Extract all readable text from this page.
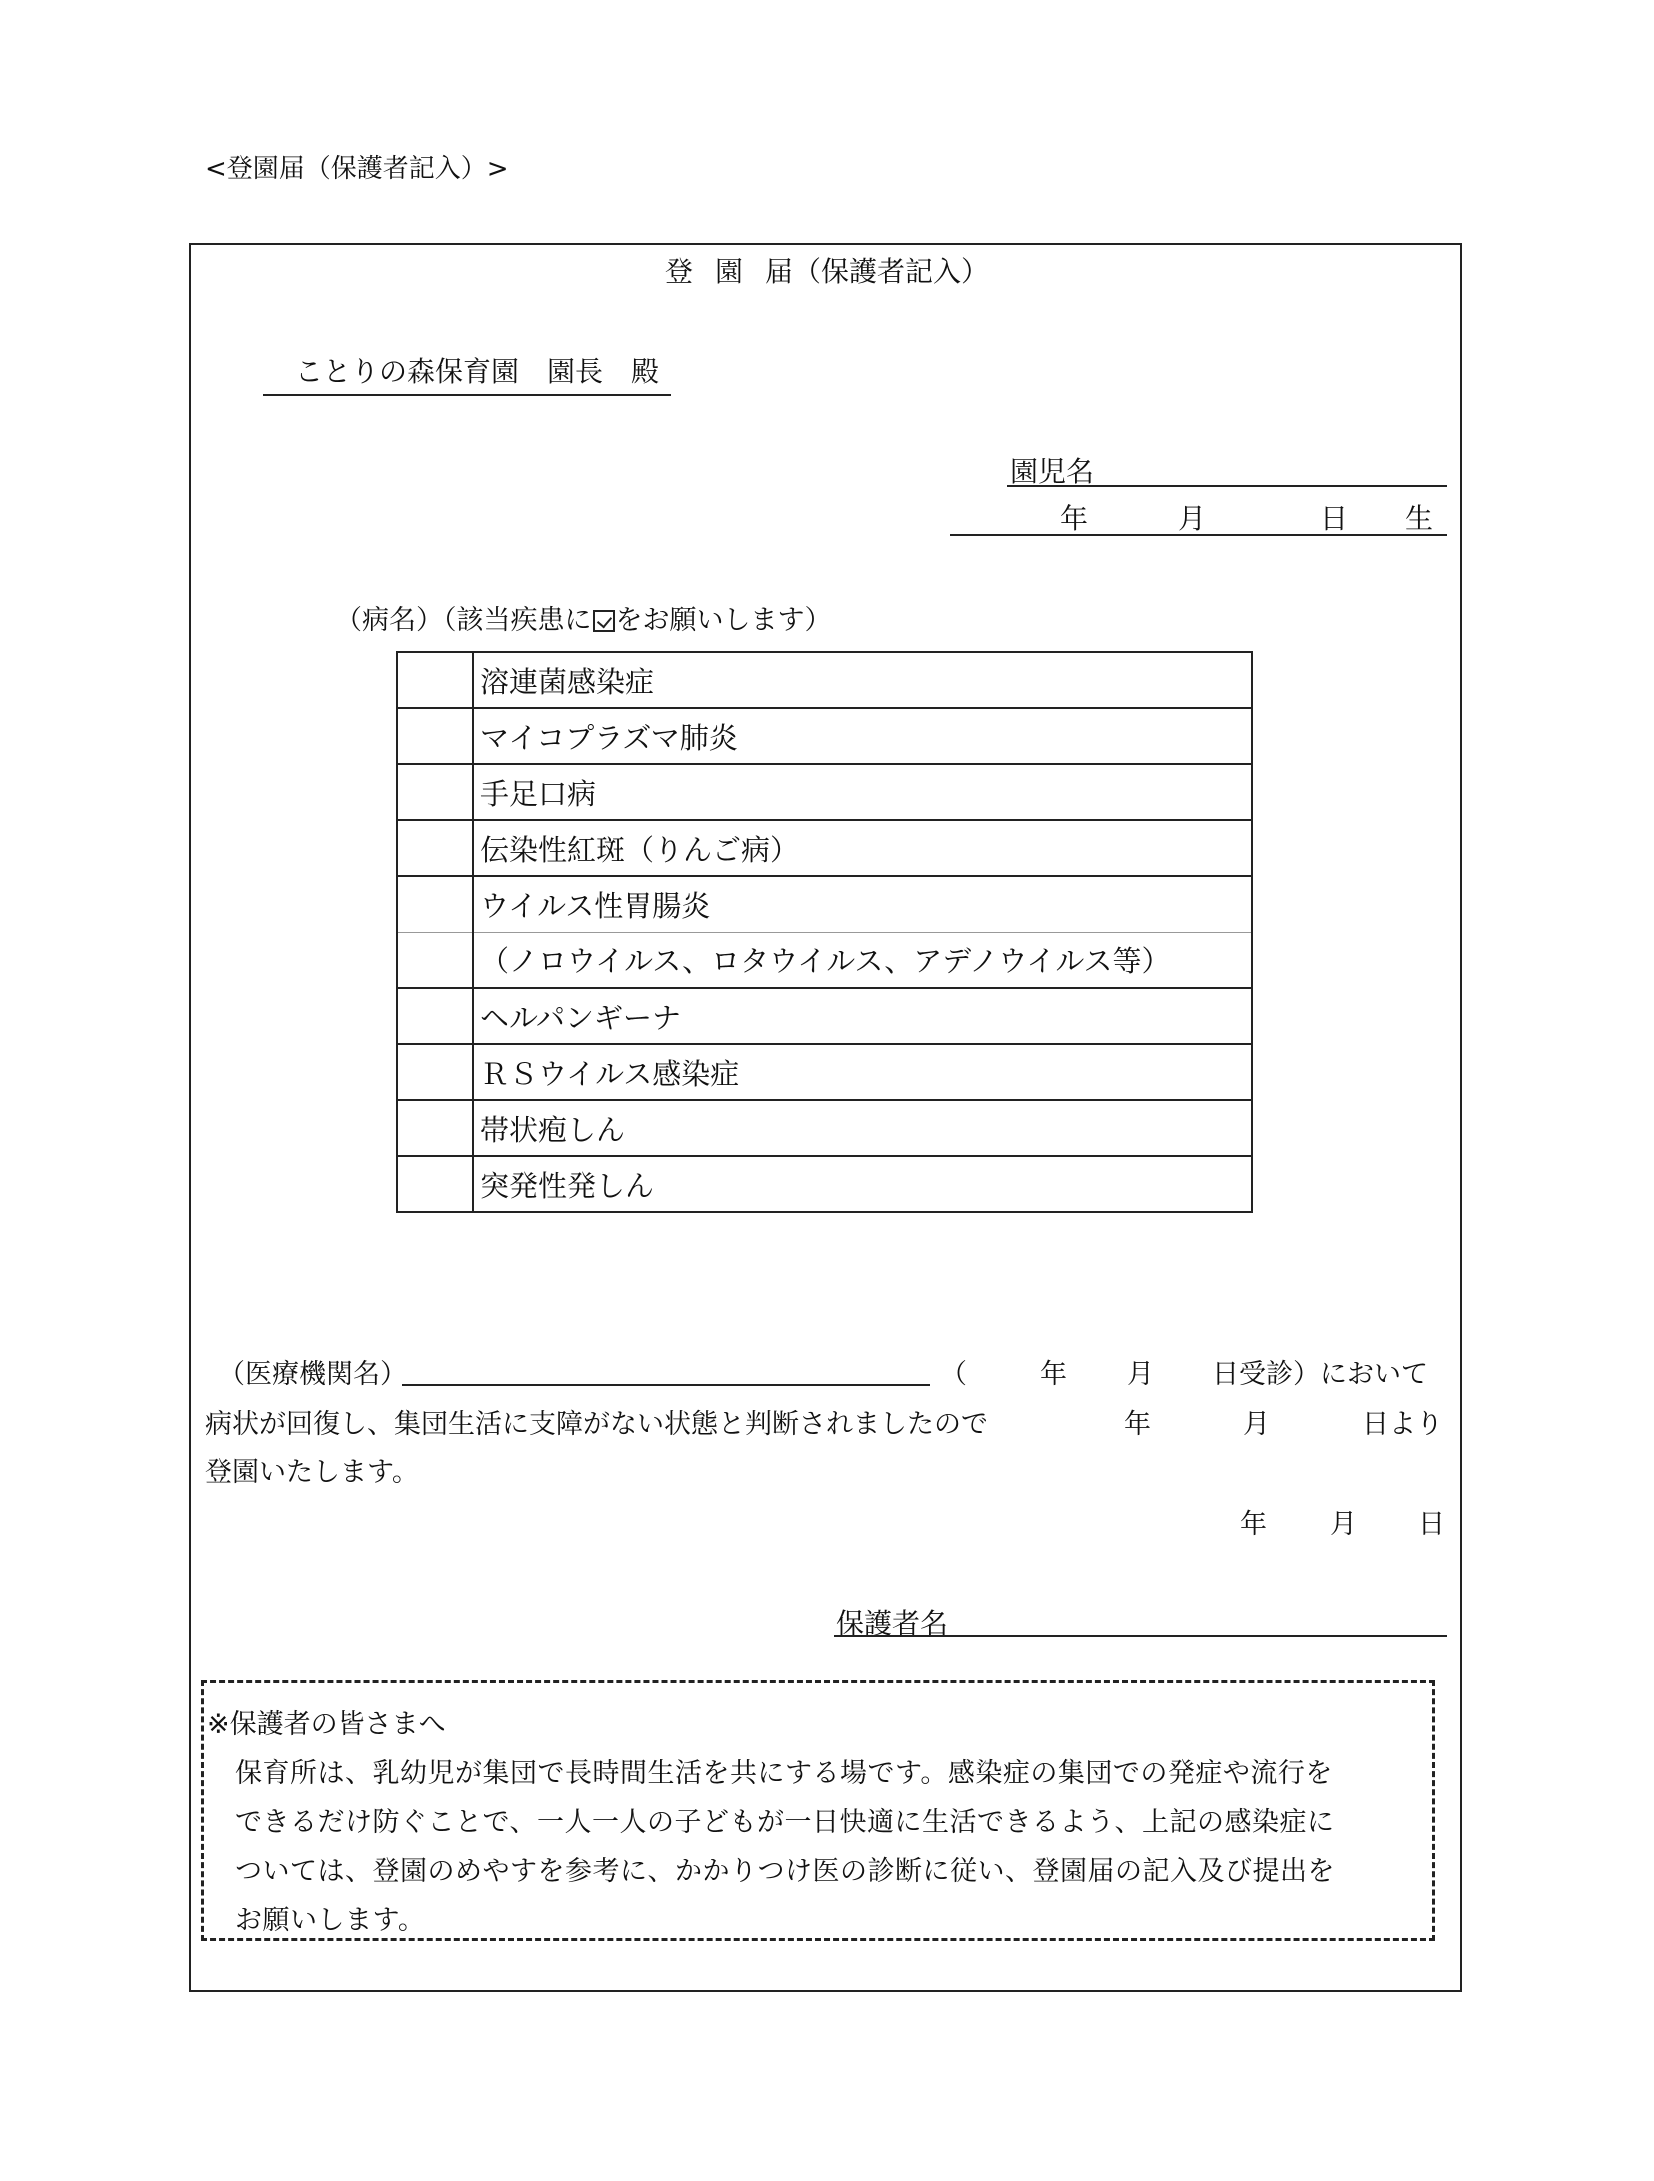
<登園届（保護者記入）>
登 園 届（保護者記入）
ことりの森保育園　園長　殿
園児名
年	月	日 生
（病名）（該当疾患に をお願いします）
	溶連菌感染症
	マイコプラズマ肺炎
	手足口病
	伝染性紅斑（りんご病）
	ウイルス性胃腸炎
	（ノロウイルス、ロタウイルス、アデノウイルス等）
	ヘルパンギーナ
	ＲＳウイルス感染症
	帯状疱しん
	突発性発しん
（医療機関名）	（	年 月 日受診）において
病状が回復し、集団生活に支障がない状態と判断されましたので	年	月	日より
登園いたします。
年 月 日
保護者名
※保護者の皆さまへ
保育所は、乳幼児が集団で長時間生活を共にする場です。感染症の集団での発症や流行を
できるだけ防ぐことで、一人一人の子どもが一日快適に生活できるよう、上記の感染症に
ついては、登園のめやすを参考に、かかりつけ医の診断に従い、登園届の記入及び提出を
お願いします。
